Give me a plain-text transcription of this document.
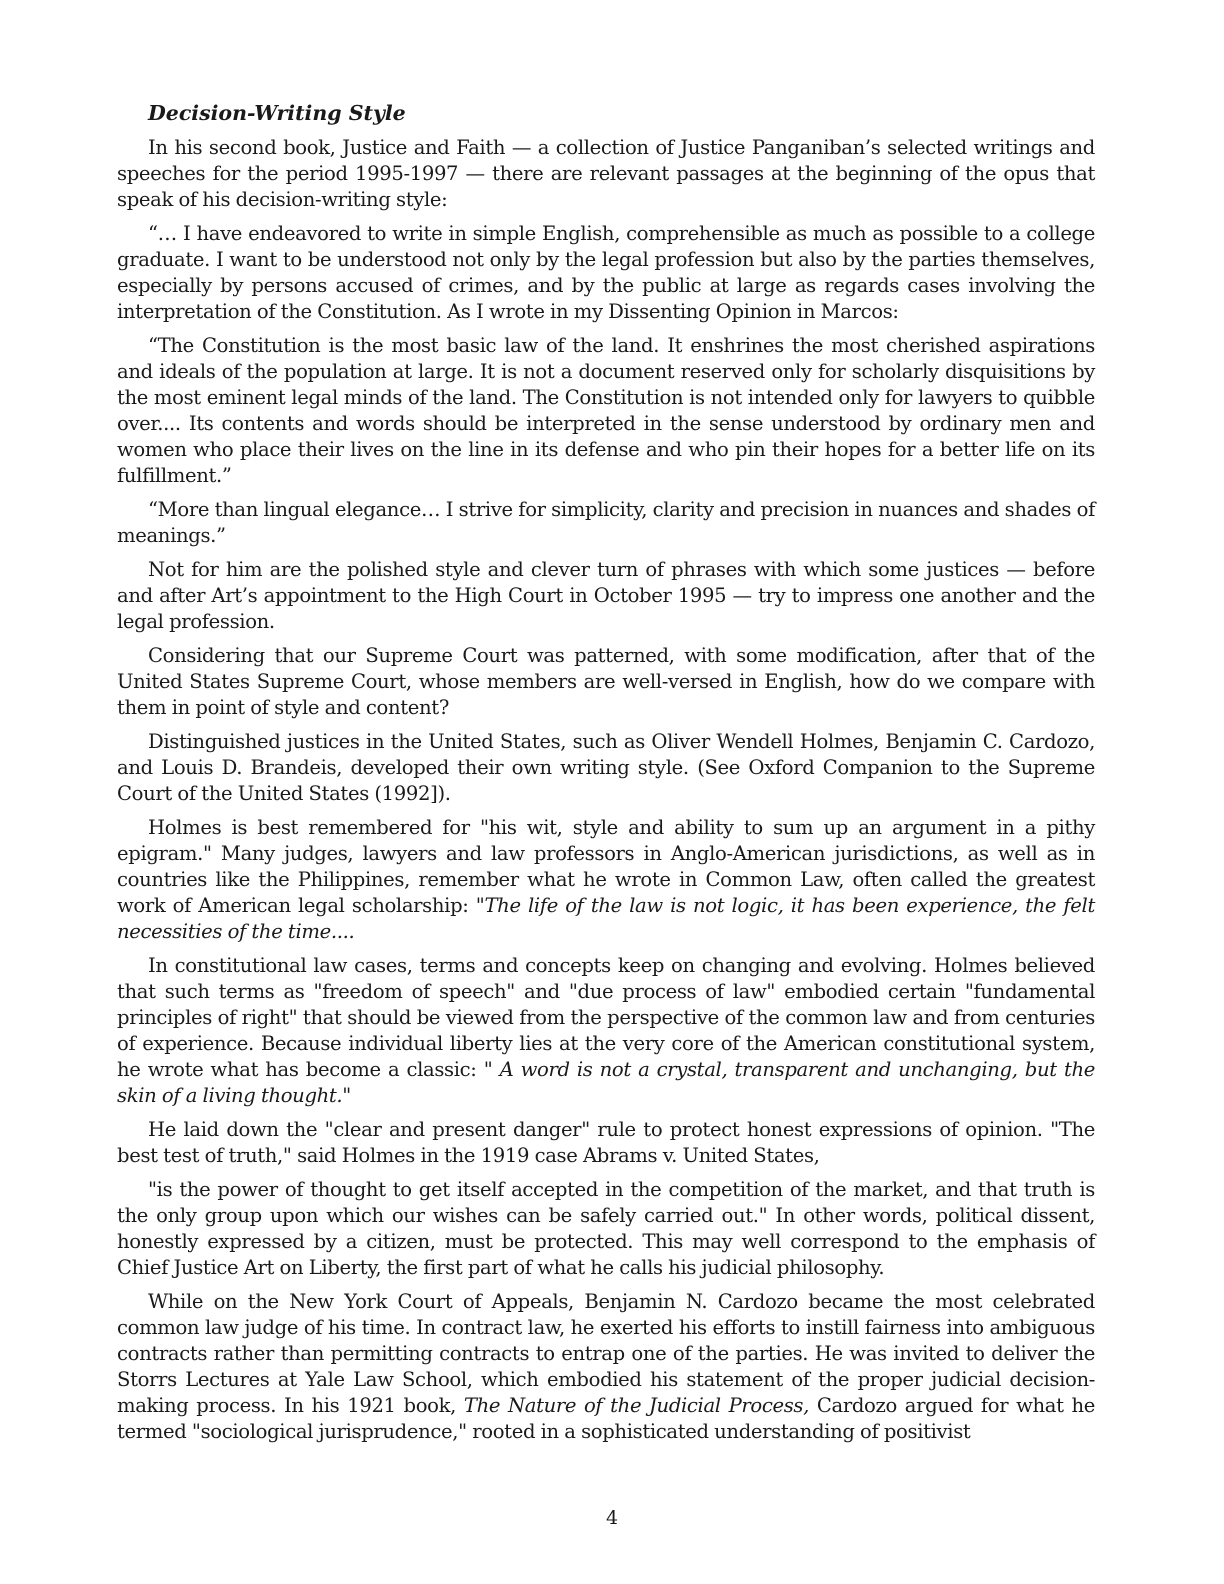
Decision-Writing Style

In his second book, Justice and Faith — a collection of Justice Panganiban’s selected writings and speeches for the period 1995-1997 — there are relevant passages at the beginning of the opus that speak of his decision-writing style:

“… I have endeavored to write in simple English, comprehensible as much as possible to a college graduate. I want to be understood not only by the legal profession but also by the parties themselves, especially by persons accused of crimes, and by the public at large as regards cases involving the interpretation of the Constitution. As I wrote in my Dissenting Opinion in Marcos:

“The Constitution is the most basic law of the land. It enshrines the most cherished aspirations and ideals of the population at large. It is not a document reserved only for scholarly disquisitions by the most eminent legal minds of the land. The Constitution is not intended only for lawyers to quibble over.... Its contents and words should be interpreted in the sense understood by ordinary men and women who place their lives on the line in its defense and who pin their hopes for a better life on its fulfillment.”

“More than lingual elegance… I strive for simplicity, clarity and precision in nuances and shades of meanings.”

Not for him are the polished style and clever turn of phrases with which some justices — before and after Art’s appointment to the High Court in October 1995 — try to impress one another and the legal profession.

Considering that our Supreme Court was patterned, with some modification, after that of the United States Supreme Court, whose members are well-versed in English, how do we compare with them in point of style and content?

Distinguished justices in the United States, such as Oliver Wendell Holmes, Benjamin C. Cardozo, and Louis D. Brandeis, developed their own writing style. (See Oxford Companion to the Supreme Court of the United States (1992]).

Holmes is best remembered for "his wit, style and ability to sum up an argument in a pithy epigram." Many judges, lawyers and law professors in Anglo-American jurisdictions, as well as in countries like the Philippines, remember what he wrote in Common Law, often called the greatest work of American legal scholarship: "The life of the law is not logic, it has been experience, the felt necessities of the time....

In constitutional law cases, terms and concepts keep on changing and evolving. Holmes believed that such terms as "freedom of speech" and "due process of law" embodied certain "fundamental principles of right" that should be viewed from the perspective of the common law and from centuries of experience. Because individual liberty lies at the very core of the American constitutional system, he wrote what has become a classic: " A word is not a crystal, transparent and unchanging, but the skin of a living thought."

He laid down the "clear and present danger" rule to protect honest expressions of opinion. "The best test of truth," said Holmes in the 1919 case Abrams v. United States,

"is the power of thought to get itself accepted in the competition of the market, and that truth is the only group upon which our wishes can be safely carried out." In other words, political dissent, honestly expressed by a citizen, must be protected. This may well correspond to the emphasis of Chief Justice Art on Liberty, the first part of what he calls his judicial philosophy.

While on the New York Court of Appeals, Benjamin N. Cardozo became the most celebrated common law judge of his time. In contract law, he exerted his efforts to instill fairness into ambiguous contracts rather than permitting contracts to entrap one of the parties. He was invited to deliver the Storrs Lectures at Yale Law School, which embodied his statement of the proper judicial decision-making process. In his 1921 book, The Nature of the Judicial Process, Cardozo argued for what he termed "sociological jurisprudence," rooted in a sophisticated understanding of positivist

4
